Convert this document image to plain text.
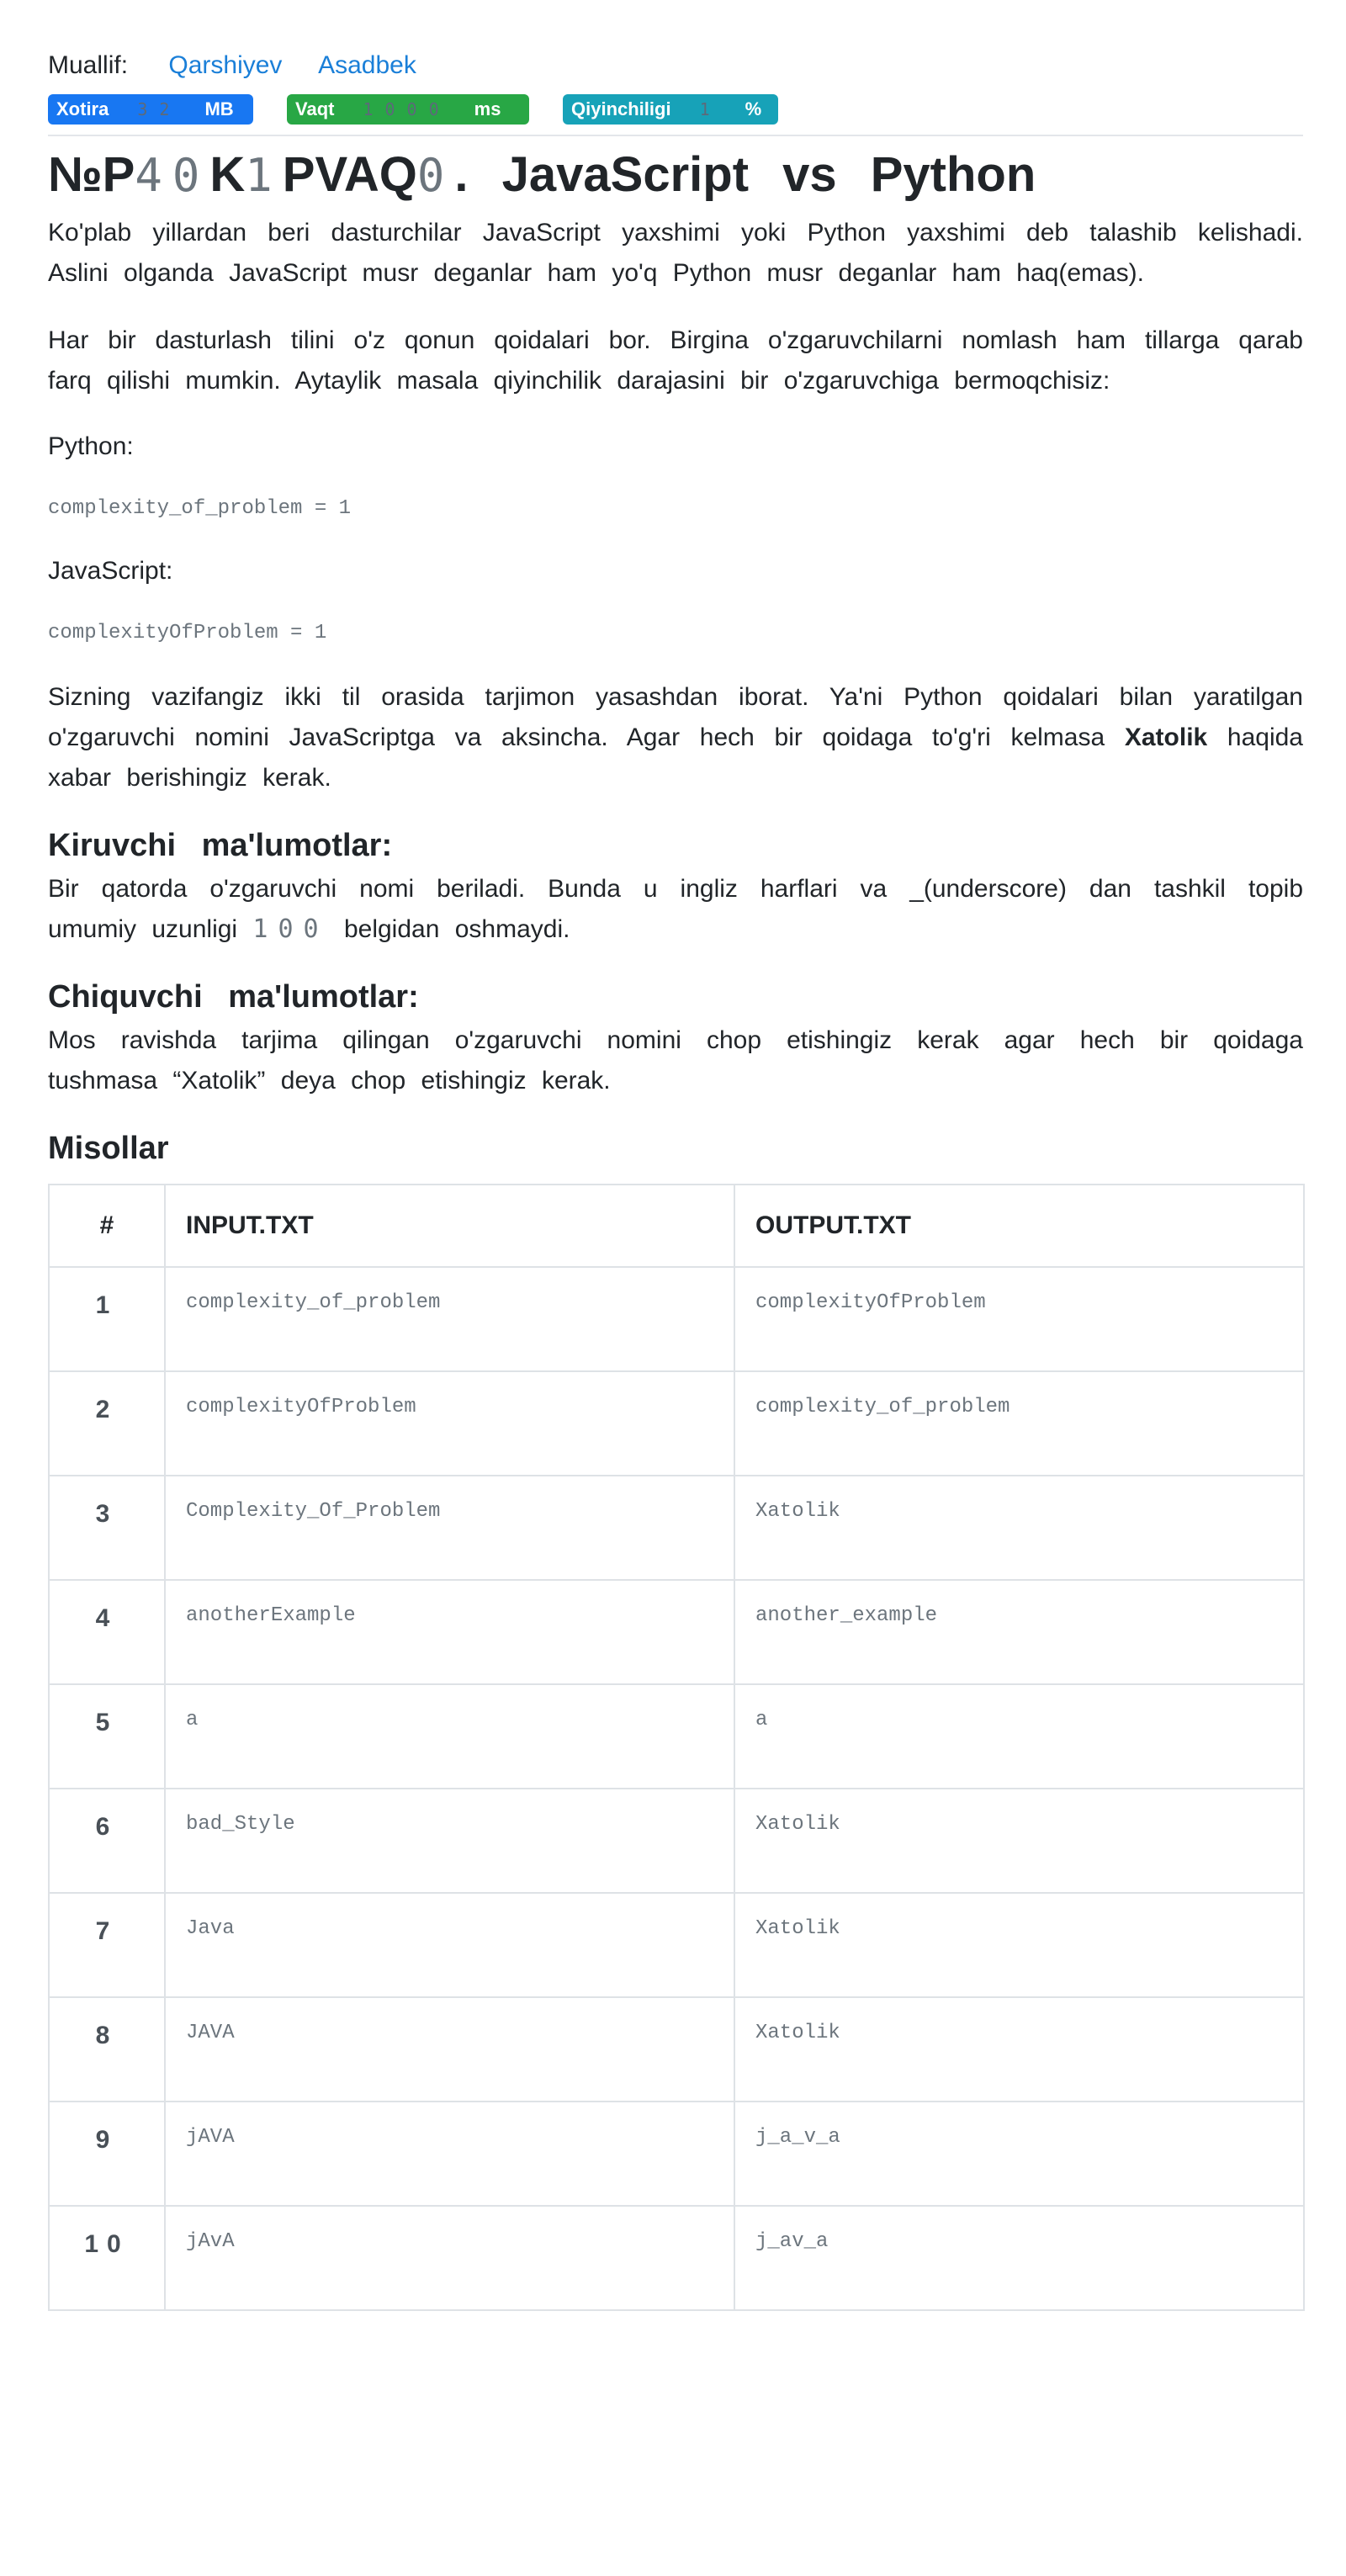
Muallif: Qarshiyev Asadbek
Xotira 32 MB	Vaqt 1000 ms	Qiyinchiligi 1 %
№P40K1PVAQ0. JavaScript vs Python

Ko'plab yillardan beri dasturchilar JavaScript yaxshimi yoki Python yaxshimi deb talashib kelishadi. Aslini olganda JavaScript musr deganlar ham yo'q Python musr deganlar ham haq(emas).

Har bir dasturlash tilini o'z qonun qoidalari bor. Birgina o'zgaruvchilarni nomlash ham tillarga qarab farq qilishi mumkin. Aytaylik masala qiyinchilik darajasini bir o'zgaruvchiga bermoqchisiz:

Python:
complexity_of_problem = 1
JavaScript:
complexityOfProblem = 1

Sizning vazifangiz ikki til orasida tarjimon yasashdan iborat. Ya'ni Python qoidalari bilan yaratilgan o'zgaruvchi nomini JavaScriptga va aksincha. Agar hech bir qoidaga to'g'ri kelmasa Xatolik haqida xabar berishingiz kerak.

Kiruvchi ma'lumotlar:

Bir qatorda o'zgaruvchi nomi beriladi. Bunda u ingliz harflari va _(underscore) dan tashkil topib umumiy uzunligi 100 belgidan oshmaydi.

Chiquvchi ma'lumotlar:

Mos ravishda tarjima qilingan o'zgaruvchi nomini chop etishingiz kerak agar hech bir qoidaga tushmasa “Xatolik” deya chop etishingiz kerak.

Misollar
#	INPUT.TXT	OUTPUT.TXT
1	complexity_of_problem	complexityOfProblem
2	complexityOfProblem	complexity_of_problem
3	Complexity_Of_Problem	Xatolik
4	anotherExample	another_example
5	a	a
6	bad_Style	Xatolik
7	Java	Xatolik
8	JAVA	Xatolik
9	jAVA	j_a_v_a
10	jAvA	j_av_a
